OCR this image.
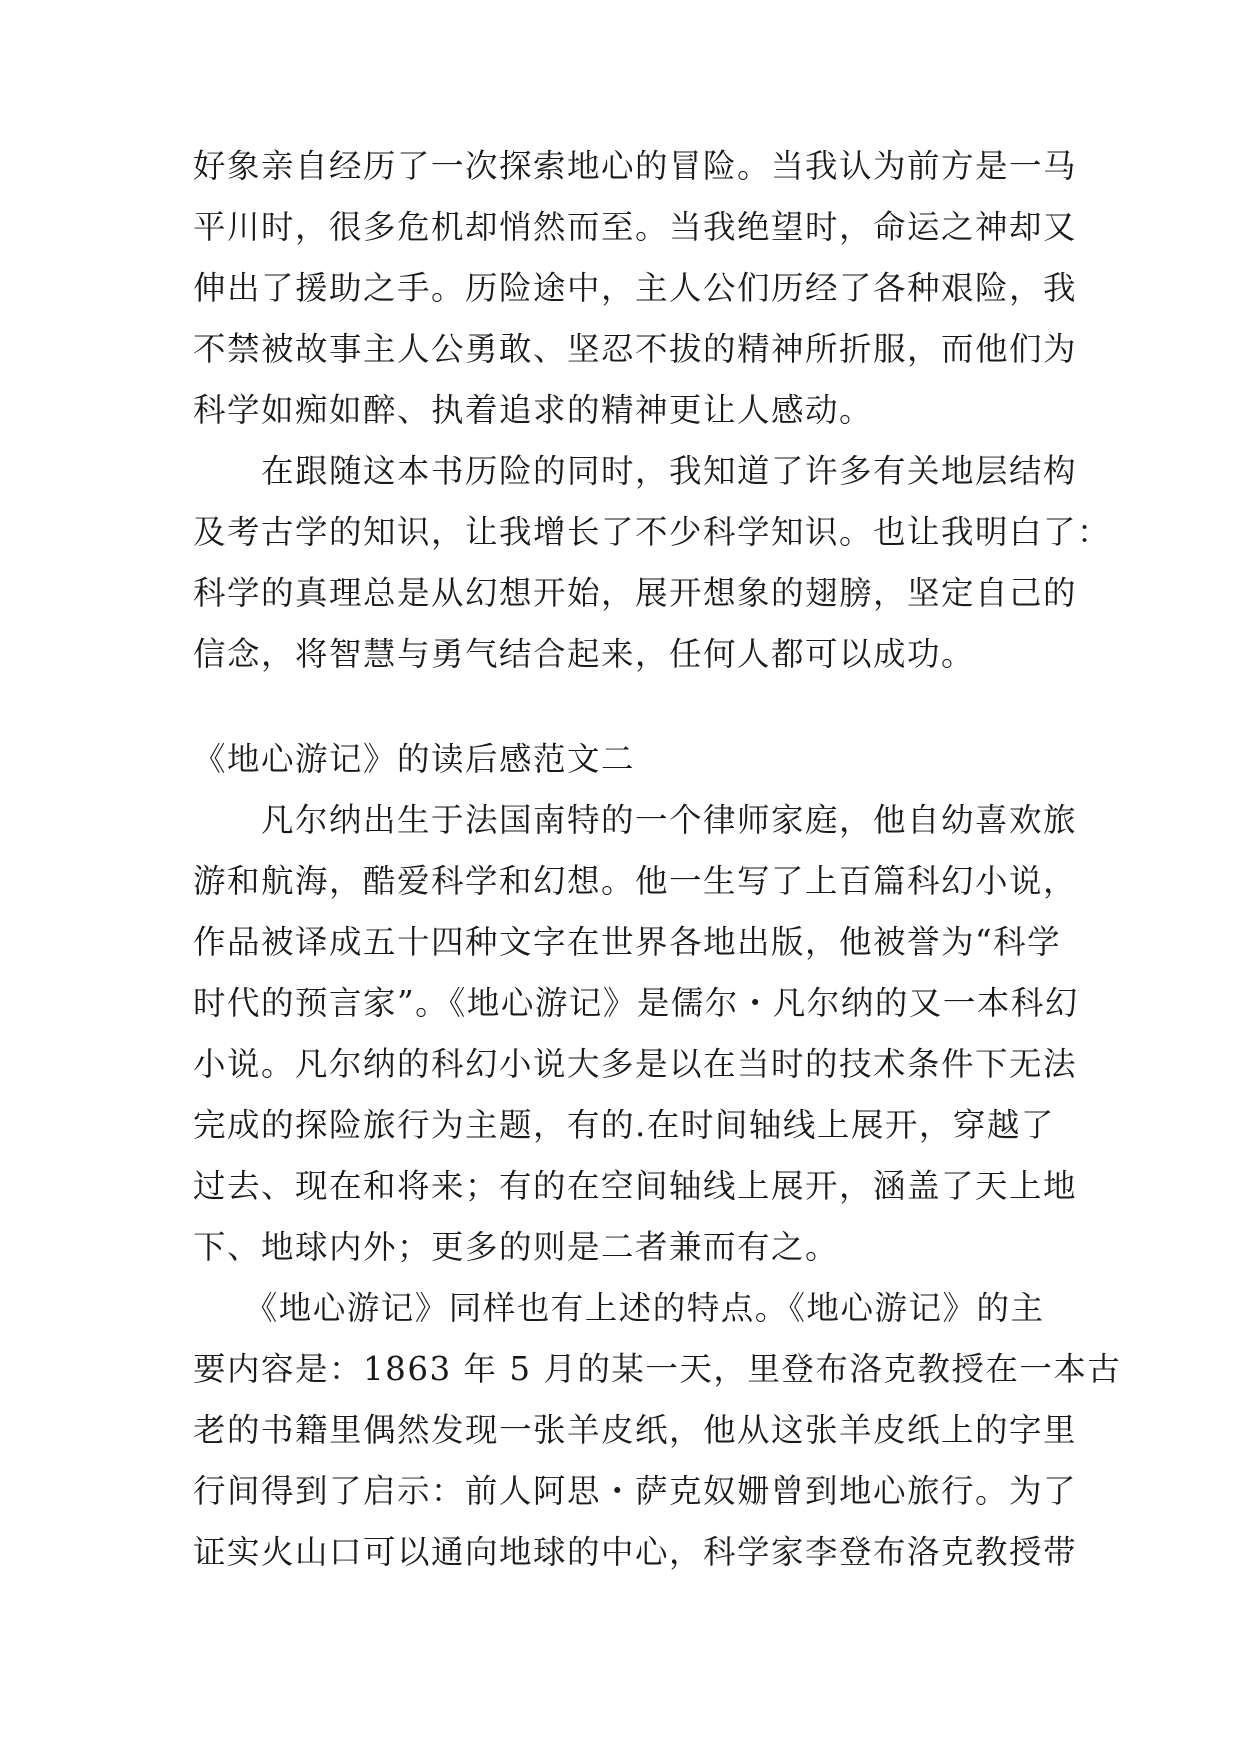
好象亲自经历了一次探索地心的冒险。当我认为前方是一马
平川时，很多危机却悄然而至。当我绝望时，命运之神却又
伸出了援助之手。历险途中，主人公们历经了各种艰险，我
不禁被故事主人公勇敢、坚忍不拔的精神所折服，而他们为
科学如痴如醉、执着追求的精神更让人感动。
　　在跟随这本书历险的同时，我知道了许多有关地层结构
及考古学的知识，让我增长了不少科学知识。也让我明白了：
科学的真理总是从幻想开始，展开想象的翅膀，坚定自己的
信念，将智慧与勇气结合起来，任何人都可以成功。
《地心游记》的读后感范文二
　　凡尔纳出生于法国南特的一个律师家庭，他自幼喜欢旅
游和航海，酷爱科学和幻想。他一生写了上百篇科幻小说，
作品被译成五十四种文字在世界各地出版，他被誉为“科学
时代的预言家”。《地心游记》是儒尔・凡尔纳的又一本科幻
小说。凡尔纳的科幻小说大多是以在当时的技术条件下无法
完成的探险旅行为主题，有的.在时间轴线上展开，穿越了
过去、现在和将来；有的在空间轴线上展开，涵盖了天上地
下、地球内外；更多的则是二者兼而有之。
　　《地心游记》同样也有上述的特点。《地心游记》的主
要内容是：1863 年 5 月的某一天，里登布洛克教授在一本古
老的书籍里偶然发现一张羊皮纸，他从这张羊皮纸上的字里
行间得到了启示：前人阿思・萨克奴姗曾到地心旅行。为了
证实火山口可以通向地球的中心，科学家李登布洛克教授带
